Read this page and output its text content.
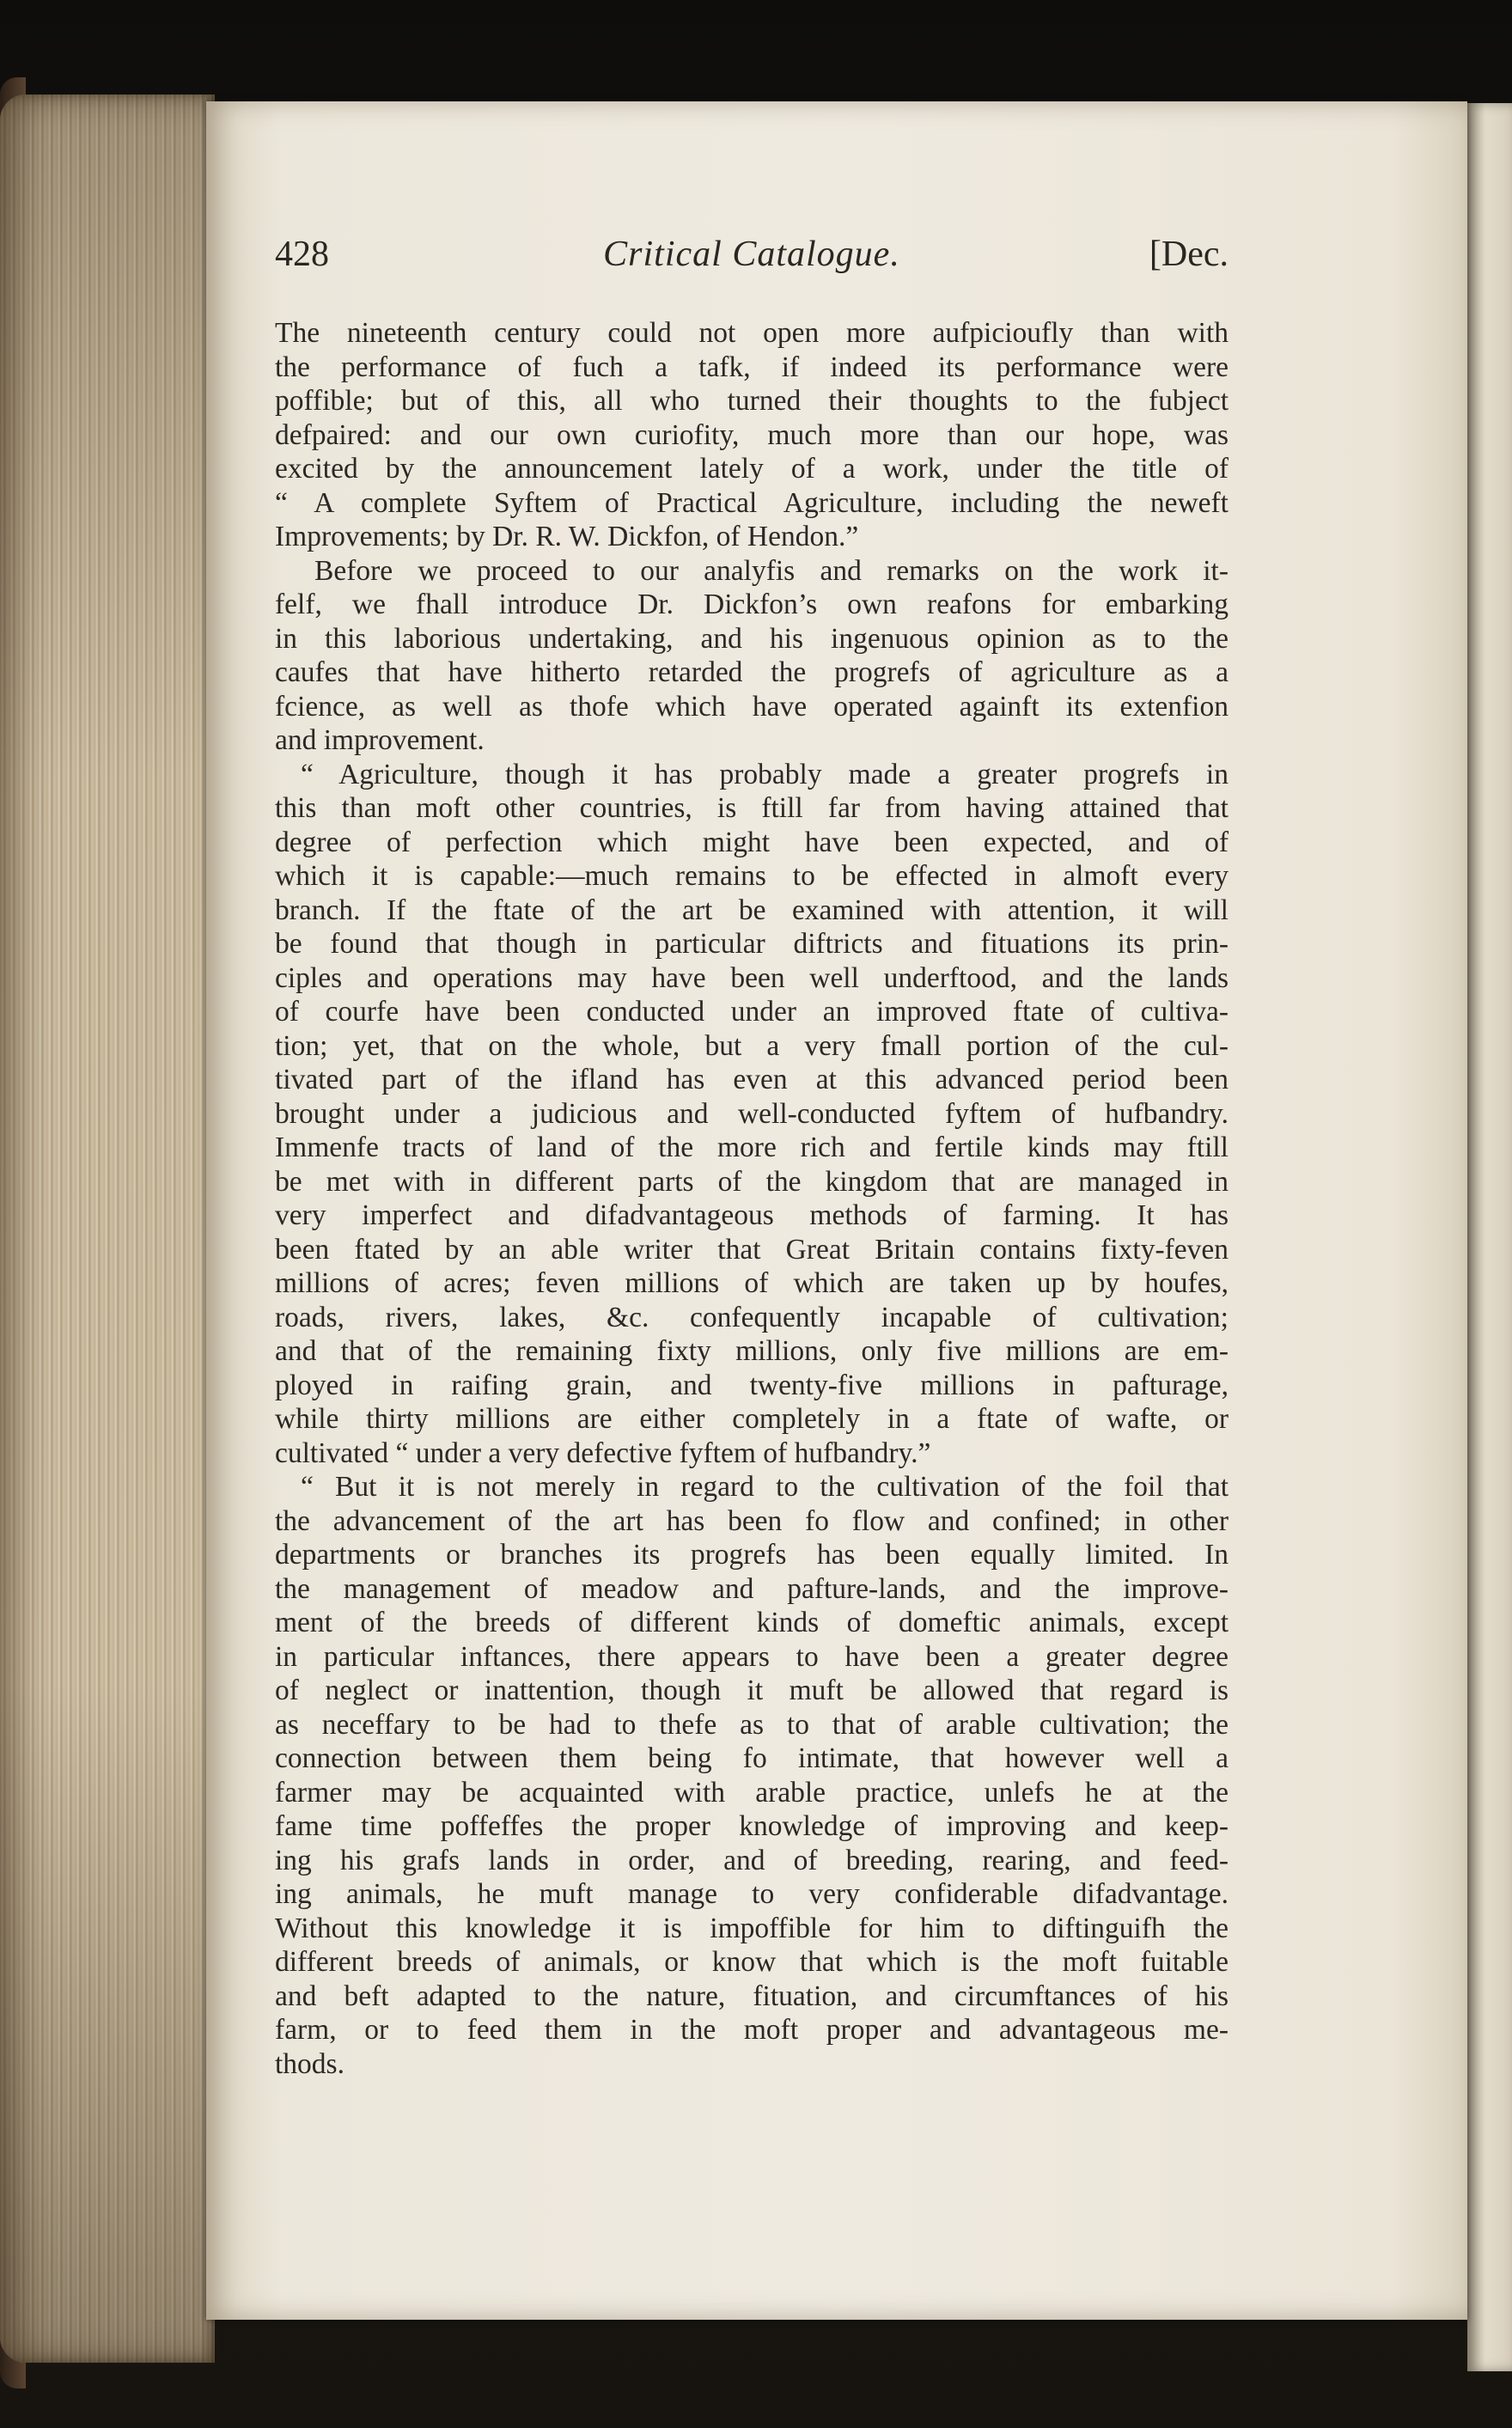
428	Critical Catalogue.	[Dec.
The nineteenth century could not open more aufpicioufly than with
the performance of fuch a tafk, if indeed its performance were
poffible; but of this, all who turned their thoughts to the fubject
defpaired: and our own curiofity, much more than our hope, was
excited by the announcement lately of a work, under the title of
“ A complete Syftem of Practical Agriculture, including the neweft
Improvements; by Dr. R. W. Dickfon, of Hendon.”
Before we proceed to our analyfis and remarks on the work it-
felf, we fhall introduce Dr. Dickfon’s own reafons for embarking
in this laborious undertaking, and his ingenuous opinion as to the
caufes that have hitherto retarded the progrefs of agriculture as a
fcience, as well as thofe which have operated againft its extenfion
and improvement.
“ Agriculture, though it has probably made a greater progrefs in
this than moft other countries, is ftill far from having attained that
degree of perfection which might have been expected, and of
which it is capable:—much remains to be effected in almoft every
branch. If the ftate of the art be examined with attention, it will
be found that though in particular diftricts and fituations its prin-
ciples and operations may have been well underftood, and the lands
of courfe have been conducted under an improved ftate of cultiva-
tion; yet, that on the whole, but a very fmall portion of the cul-
tivated part of the ifland has even at this advanced period been
brought under a judicious and well-conducted fyftem of hufbandry.
Immenfe tracts of land of the more rich and fertile kinds may ftill
be met with in different parts of the kingdom that are managed in
very imperfect and difadvantageous methods of farming. It has
been ftated by an able writer that Great Britain contains fixty-feven
millions of acres; feven millions of which are taken up by houfes,
roads, rivers, lakes, &c. confequently incapable of cultivation;
and that of the remaining fixty millions, only five millions are em-
ployed in raifing grain, and twenty-five millions in pafturage,
while thirty millions are either completely in a ftate of wafte, or
cultivated “ under a very defective fyftem of hufbandry.”
“ But it is not merely in regard to the cultivation of the foil that
the advancement of the art has been fo flow and confined; in other
departments or branches its progrefs has been equally limited. In
the management of meadow and pafture-lands, and the improve-
ment of the breeds of different kinds of domeftic animals, except
in particular inftances, there appears to have been a greater degree
of neglect or inattention, though it muft be allowed that regard is
as neceffary to be had to thefe as to that of arable cultivation; the
connection between them being fo intimate, that however well a
farmer may be acquainted with arable practice, unlefs he at the
fame time poffeffes the proper knowledge of improving and keep-
ing his grafs lands in order, and of breeding, rearing, and feed-
ing animals, he muft manage to very confiderable difadvantage.
Without this knowledge it is impoffible for him to diftinguifh the
different breeds of animals, or know that which is the moft fuitable
and beft adapted to the nature, fituation, and circumftances of his
farm, or to feed them in the moft proper and advantageous me-
thods.
